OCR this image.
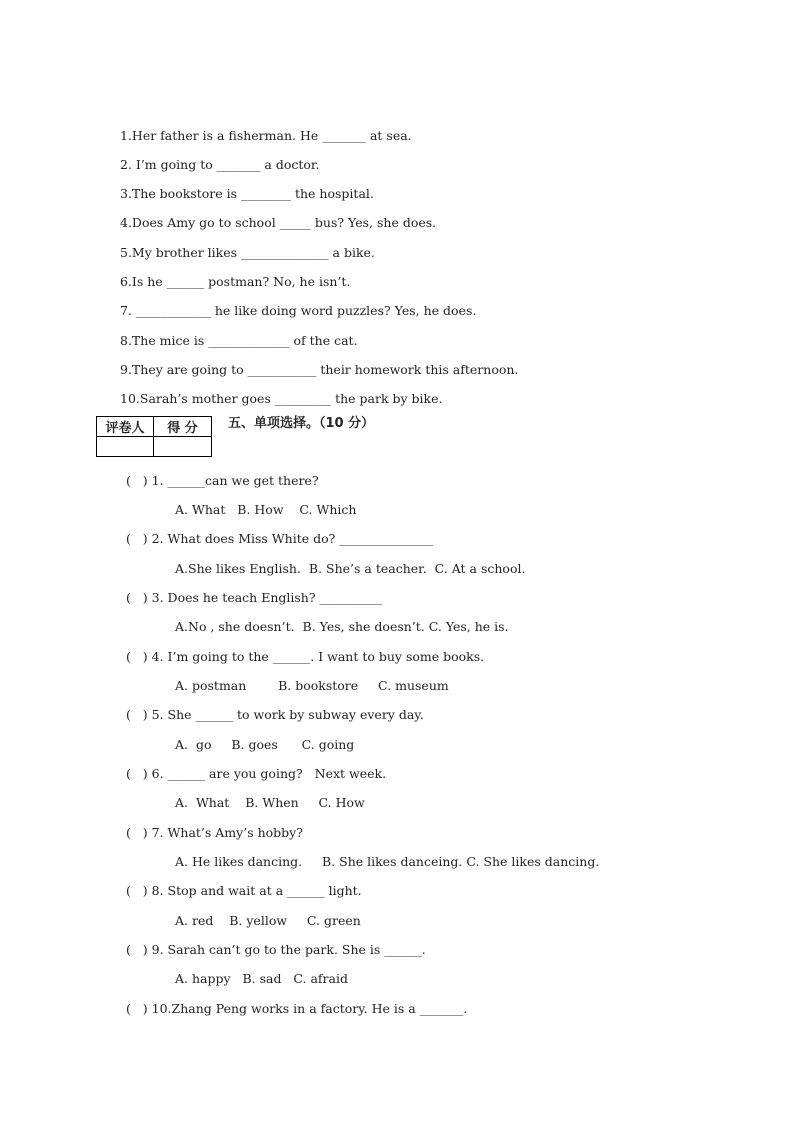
1.Her father is a fisherman. He _______ at sea.
2. I’m going to _______ a doctor.
3.The bookstore is ________ the hospital.
4.Does Amy go to school _____ bus? Yes, she does.
5.My brother likes ______________ a bike.
6.Is he ______ postman? No, he isn’t.
7. ____________ he like doing word puzzles? Yes, he does.
8.The mice is _____________ of the cat.
9.They are going to ___________ their homework this afternoon.
10.Sarah’s mother goes _________ the park by bike.
评卷人	得 分
	五、单项选择。（10 分）
(   ) 1. ______can we get there?
A. What   B. How    C. Which
(   ) 2. What does Miss White do? _______________
A.She likes English.  B. She’s a teacher.  C. At a school.
(   ) 3. Does he teach English? __________
A.No , she doesn’t.  B. Yes, she doesn’t. C. Yes, he is.
(   ) 4. I’m going to the ______. I want to buy some books.
A. postman        B. bookstore     C. museum
(   ) 5. She ______ to work by subway every day.
A.  go     B. goes      C. going
(   ) 6. ______ are you going?   Next week.
A.  What    B. When     C. How
(   ) 7. What’s Amy’s hobby?
A. He likes dancing.     B. She likes danceing. C. She likes dancing.
(   ) 8. Stop and wait at a ______ light.
A. red    B. yellow     C. green
(   ) 9. Sarah can’t go to the park. She is ______.
A. happy   B. sad   C. afraid
(   ) 10.Zhang Peng works in a factory. He is a _______.
